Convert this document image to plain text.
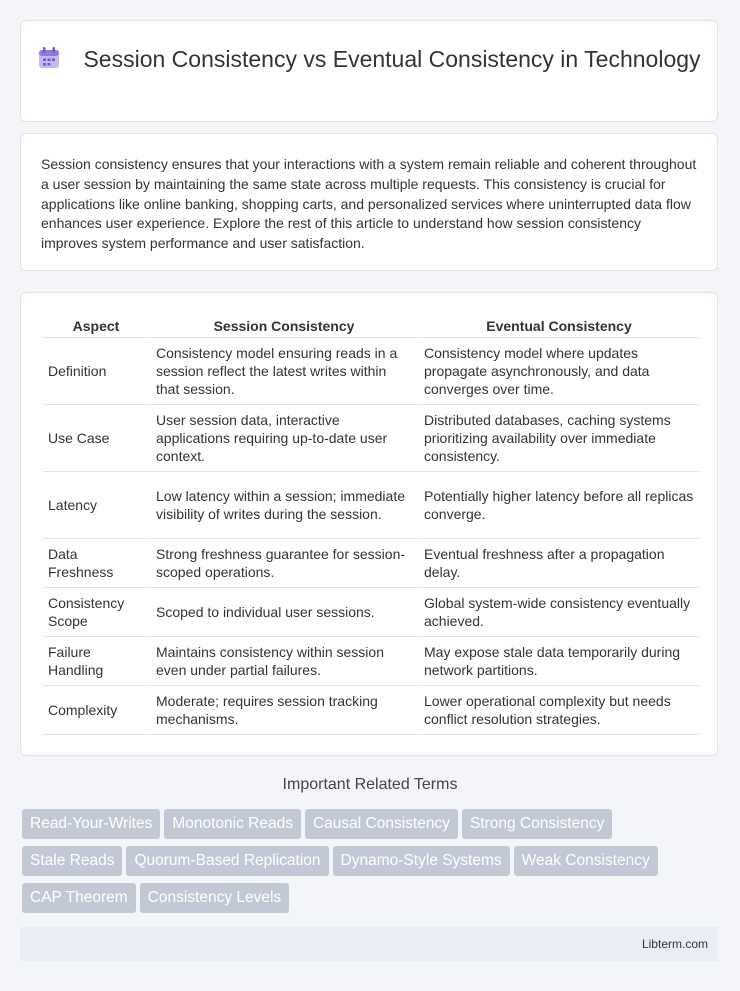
Session Consistency vs Eventual Consistency in Technology

Session consistency ensures that your interactions with a system remain reliable and coherent throughout a user session by maintaining the same state across multiple requests. This consistency is crucial for applications like online banking, shopping carts, and personalized services where uninterrupted data flow enhances user experience. Explore the rest of this article to understand how session consistency improves system performance and user satisfaction.

Aspect	Session Consistency	Eventual Consistency
Definition	Consistency model ensuring reads in a session reflect the latest writes within that session.	Consistency model where updates propagate asynchronously, and data converges over time.
Use Case	User session data, interactive applications requiring up-to-date user context.	Distributed databases, caching systems prioritizing availability over immediate consistency.
Latency	Low latency within a session; immediate visibility of writes during the session.	Potentially higher latency before all replicas converge.
Data Freshness	Strong freshness guarantee for session-scoped operations.	Eventual freshness after a propagation delay.
Consistency Scope	Scoped to individual user sessions.	Global system-wide consistency eventually achieved.
Failure Handling	Maintains consistency within session even under partial failures.	May expose stale data temporarily during network partitions.
Complexity	Moderate; requires session tracking mechanisms.	Lower operational complexity but needs conflict resolution strategies.
Important Related Terms
Read-Your-Writes Monotonic Reads Causal Consistency Strong Consistency
Stale Reads Quorum-Based Replication Dynamo-Style Systems Weak Consistency
CAP Theorem Consistency Levels
Libterm.com
